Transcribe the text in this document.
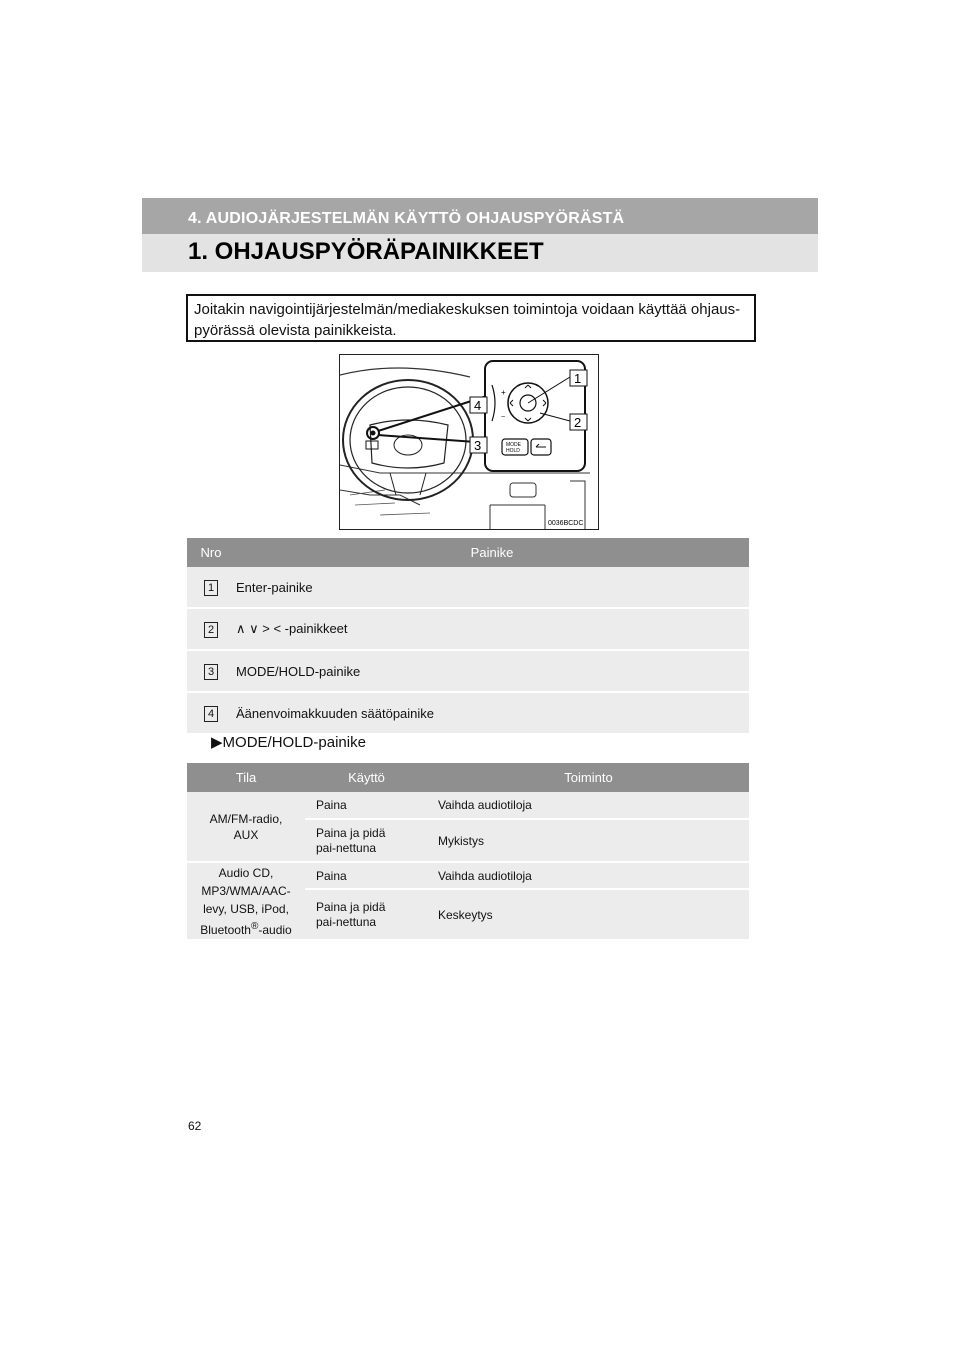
4. AUDIOJÄRJESTELMÄN KÄYTTÖ OHJAUSPYÖRÄSTÄ
1. OHJAUSPYÖRÄPAINIKKEET
Joitakin navigointijärjestelmän/mediakeskuksen toimintoja voidaan käyttää ohjaus-pyörässä olevista painikkeista.
+
−
MODE
HOLD
1
2
3
4
0036BCDC
Nro	Painike
1	Enter-painike
2	∧ ∨ > < -painikkeet
3	MODE/HOLD-painike
4	Äänenvoimakkuuden säätöpainike
▶MODE/HOLD-painike
Tila	Käyttö	Toiminto
AM/FM-radio, AUX	Paina	Vaihda audiotiloja
	Paina ja pidä pai-nettuna	Mykistys
Audio CD, MP3/WMA/AAC-levy, USB, iPod, Bluetooth®-audio	Paina	Vaihda audiotiloja
	Paina ja pidä pai-nettuna	Keskeytys
62
